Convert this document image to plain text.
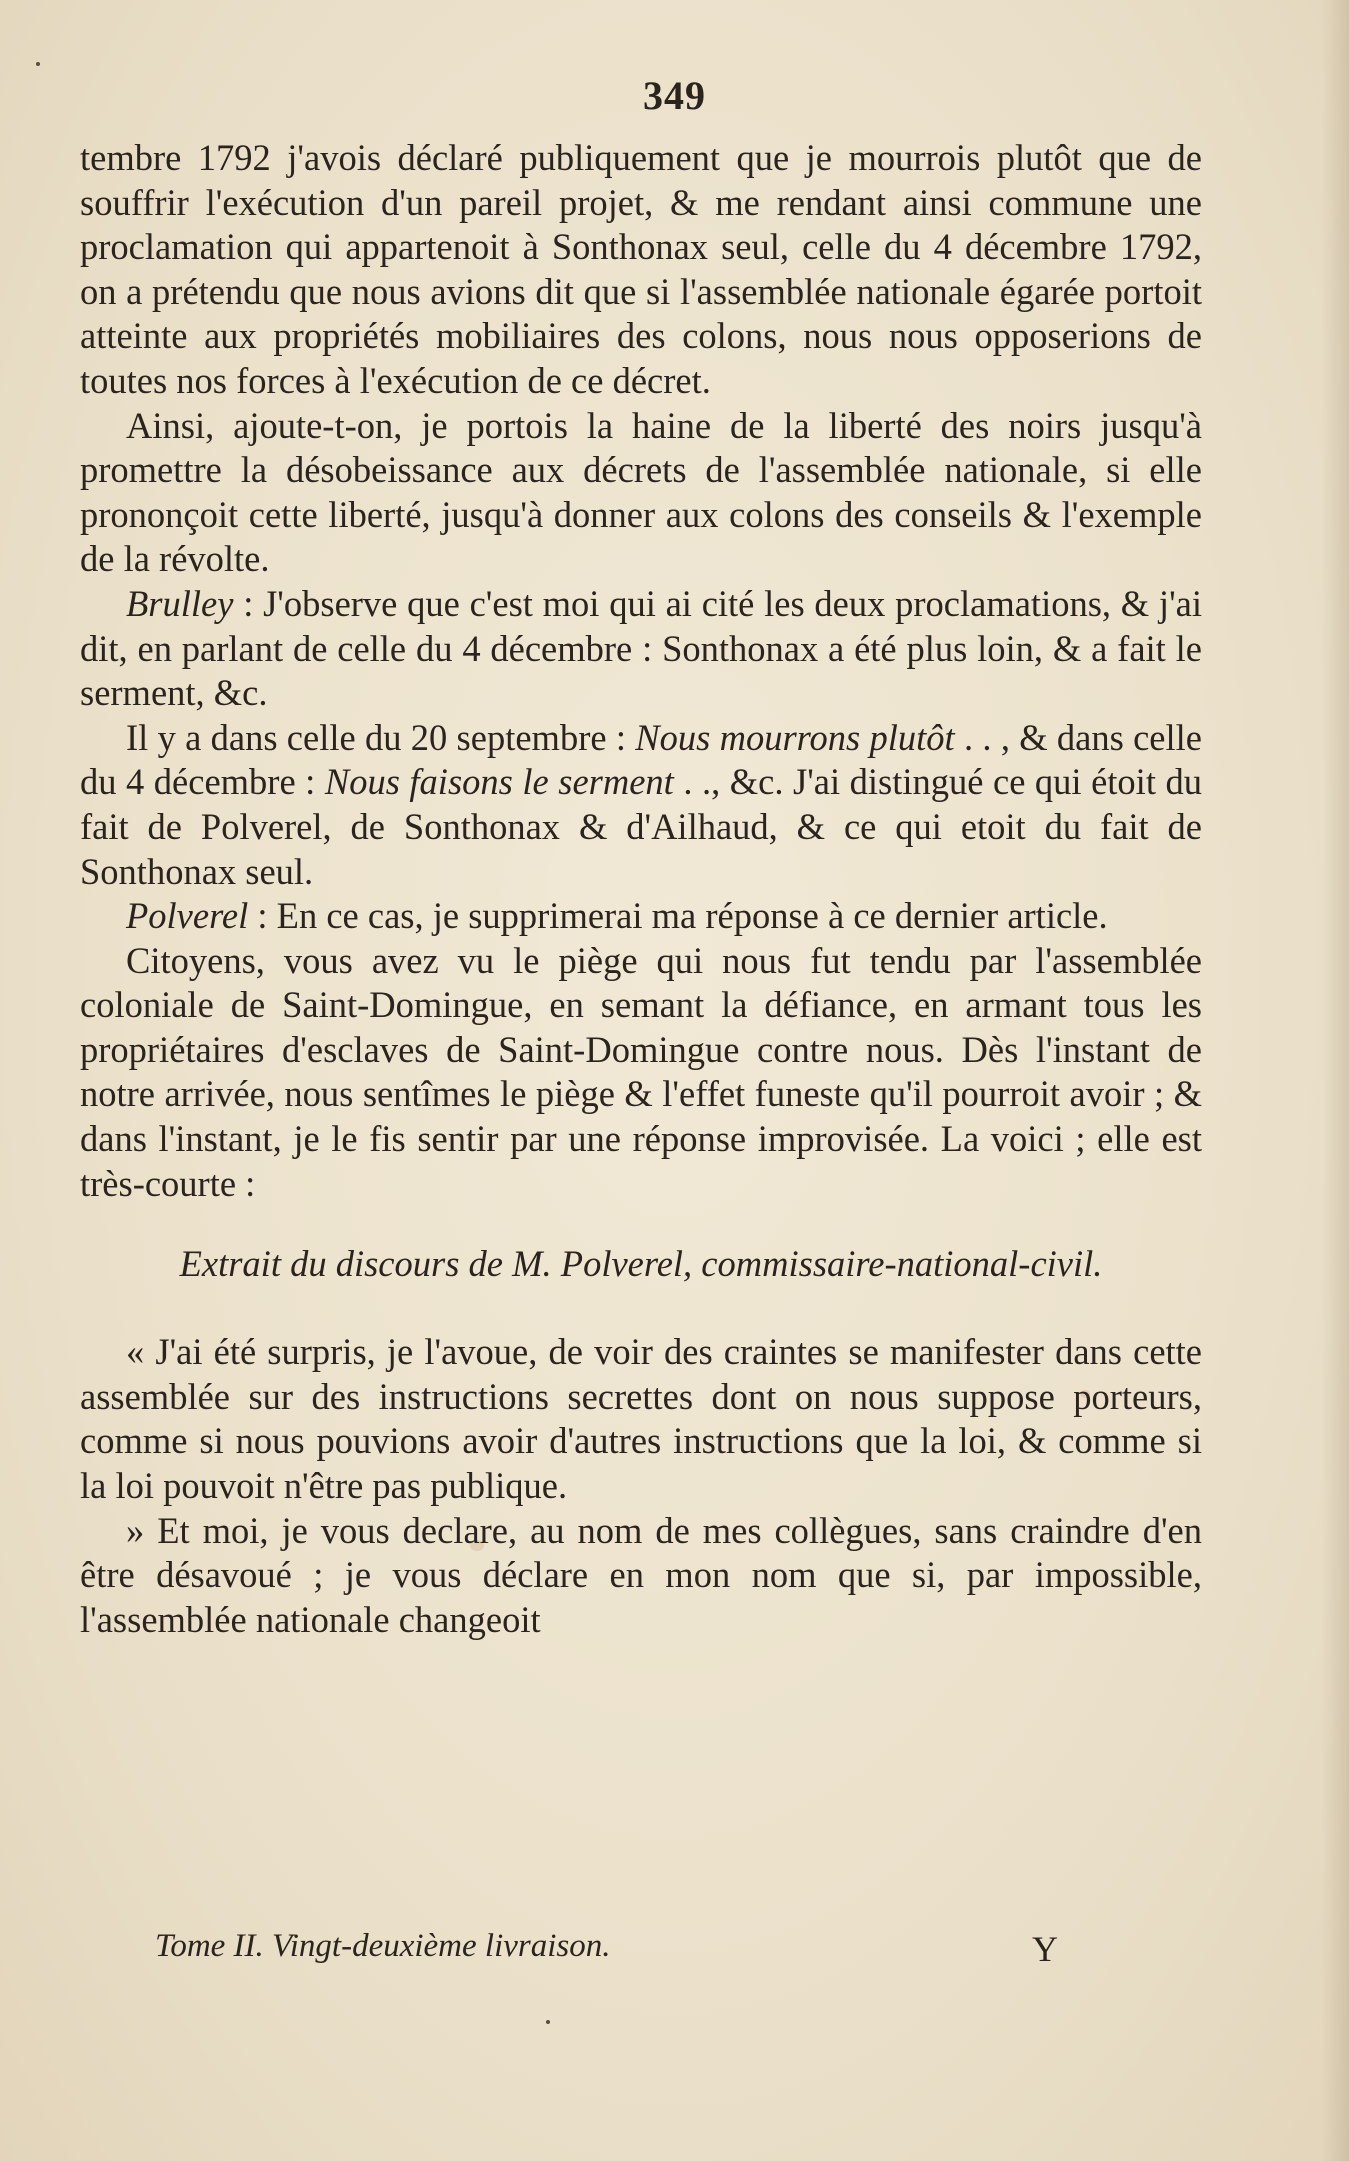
349

tembre 1792 j'avois déclaré publiquement que je mourrois plutôt que de souffrir l'exécution d'un pareil projet, & me rendant ainsi commune une proclamation qui appartenoit à Sonthonax seul, celle du 4 décembre 1792, on a prétendu que nous avions dit que si l'assemblée nationale égarée portoit atteinte aux propriétés mobiliaires des colons, nous nous opposerions de toutes nos forces à l'exécution de ce décret.

Ainsi, ajoute-t-on, je portois la haine de la liberté des noirs jusqu'à promettre la désobeissance aux décrets de l'assemblée nationale, si elle prononçoit cette liberté, jusqu'à donner aux colons des conseils & l'exemple de la révolte.

Brulley : J'observe que c'est moi qui ai cité les deux proclamations, & j'ai dit, en parlant de celle du 4 décembre : Sonthonax a été plus loin, & a fait le serment, &c.

Il y a dans celle du 20 septembre : Nous mourrons plutôt . . , & dans celle du 4 décembre : Nous faisons le serment . ., &c. J'ai distingué ce qui étoit du fait de Polverel, de Sonthonax & d'Ailhaud, & ce qui etoit du fait de Sonthonax seul.

Polverel : En ce cas, je supprimerai ma réponse à ce dernier article.

Citoyens, vous avez vu le piège qui nous fut tendu par l'assemblée coloniale de Saint-Domingue, en semant la défiance, en armant tous les propriétaires d'esclaves de Saint-Domingue contre nous. Dès l'instant de notre arrivée, nous sentîmes le piège & l'effet funeste qu'il pourroit avoir ; & dans l'instant, je le fis sentir par une réponse improvisée. La voici ; elle est très-courte :

Extrait du discours de M. Polverel, commissaire-national-civil.

« J'ai été surpris, je l'avoue, de voir des craintes se manifester dans cette assemblée sur des instructions secrettes dont on nous suppose porteurs, comme si nous pouvions avoir d'autres instructions que la loi, & comme si la loi pouvoit n'être pas publique.

» Et moi, je vous declare, au nom de mes collègues, sans craindre d'en être désavoué ; je vous déclare en mon nom que si, par impossible, l'assemblée nationale changeoit

Tome II. Vingt-deuxième livraison.	Y
